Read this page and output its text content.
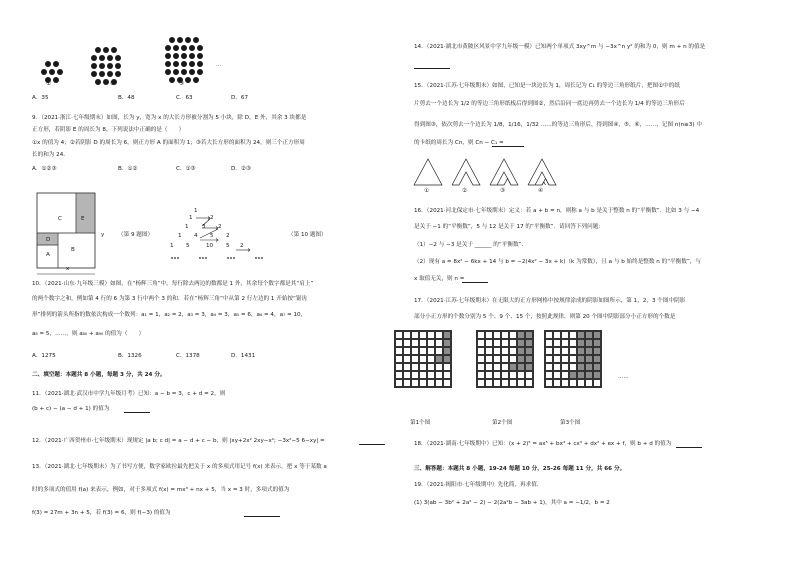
①	②	③
...
A．35	B．48	C．63	D．67
9．（2021·浙江·七年级期末）如图，长为 y，宽为 x 的大长方形被分割为 5 小块，除 D，E 外，其余 3 块都是
正方形，若阴影 E 的周长为 8，下列说法中正确的是（　　）
①x 的值为 4；②若阴影 D 的周长为 6，则正方形 A 的面积为 1；③若大长方形的面积为 24，则三个正方形周
长的和为 24．
A．①②③	B．①②	C．①③	D．②③
C	E
D
A
B
y
x
（第 9 题图）
1
1	2
1 3 2
1 4 5 2
1 5	10 5 2
（第 10 题图）
10．（2021·山东·九年级三模）如图，在“杨辉三角”中，每行除去两边的数都是 1 外，其余每个数字都是其“肩上”
的两个数字之和，例如第 4 行的 6 为第 3 行中两个 3 的和．若在“杨辉三角”中从第 2 行左边的 1 开始按“锯齿
形”排列的箭头所指的数依次构成一个数列：a₁ = 1，a₂ = 2，a₃ = 3，a₄ = 3，a₅ = 6，a₆ = 4，a₇ = 10，
a₈ = 5，……，则 a₈₀ + a₉₀ 的值为（　　）
A．1275	B．1326	C．1378	D．1431
二、填空题：本题共 8 小题，每题 3 分，共 24 分。
11．（2021·湖北·武汉市中学九年级月考）已知：a − b = 3，c + d = 2，则
(b + c) − (a − d + 1) 的值为
12．（2021·广西贺州市·七年级期末）现规定 |a b; c d| = a − d + c − b，则 |xy+2x² 2xy−x²; −3x²−5 6−xy| =
13．（2021·湖北·七年级期末）为了书写方便，数学家欧拉最先把关于 x 的多项式用记号 f(x) 来表示，把 x 等于某数 a
时的多项式的值用 f(a) 来表示，例如，对于多项式 f(x) = mx³ + nx + 5，当 x = 3 时，多项式的值为
f(3) = 27m + 3n + 5，若 f(3) = 6，则 f(−3) 的值为
14．（2021·湖北市黄陂区风景中学九年级一模）已知两个单项式 3xy^m 与 −3x^n y² 的和为 0，则 m + n 的值是
15．（2021·江苏·七年级期末）如图，已知是一块边长为 1，周长记为 C₁ 的等边三角形纸片，把图①中的纸
片剪去一个边长为 1/2 的等边三角形纸板后得到图②，然后沿同一底边再剪去一个边长为 1/4 的等边三角形后
得到图③，依次剪去一个边长为 1/8，1/16，1/32 ……的等边三角形后，得到图④，⑤，⑥，……，记图 n(n≥3) 中
的卡纸的周长为 Cn，则 Cn − C₁ =
①	②	③	④
16．（2021·河北保定市·七年级期末）定义：若 a + b = n，则称 a 与 b 是关于整数 n 的“平衡数”．比如 3 与 −4
是关于 −1 的“平衡数”，5 与 12 是关于 17 的“平衡数”．请回答下列问题：
（1）−2 与 −3 是关于 ______ 的“平衡数”．
（2）现有 a = 8x² − 6kx + 14 与 b = −2(4x² − 3x + k)（k 为常数），且 a 与 b 始终是整数 n 的“平衡数”，与
x 取值无关，则 n =
17．（2021·江苏·七年级期末）在无限大的正方形网格中按规律涂成的阴影如图所示，第 1，2，3 个图中阴影
部分小正方形的个数分别为 5 个、9 个、15 个，按照此规律，则第 20 个图中阴影部分小正方形的个数是
......
第1个图	第2个图	第3个图
18．（2021·湖南·七年级期中）已知：(x + 2)⁵ = ax⁵ + bx⁴ + cx³ + dx² + ex + f，则 b + d 的值为
三、解答题：本题共 8 小题，19-24 每题 10 分，25-26 每题 11 分，共 66 分。
19．（2021·揭阳市·七年级期中）先化简，再求值．
(1) 3(ab − 3b² + 2a² − 2) − 2(2a²b − 3ab + 1)，其中 a = −1/2，b = 2
